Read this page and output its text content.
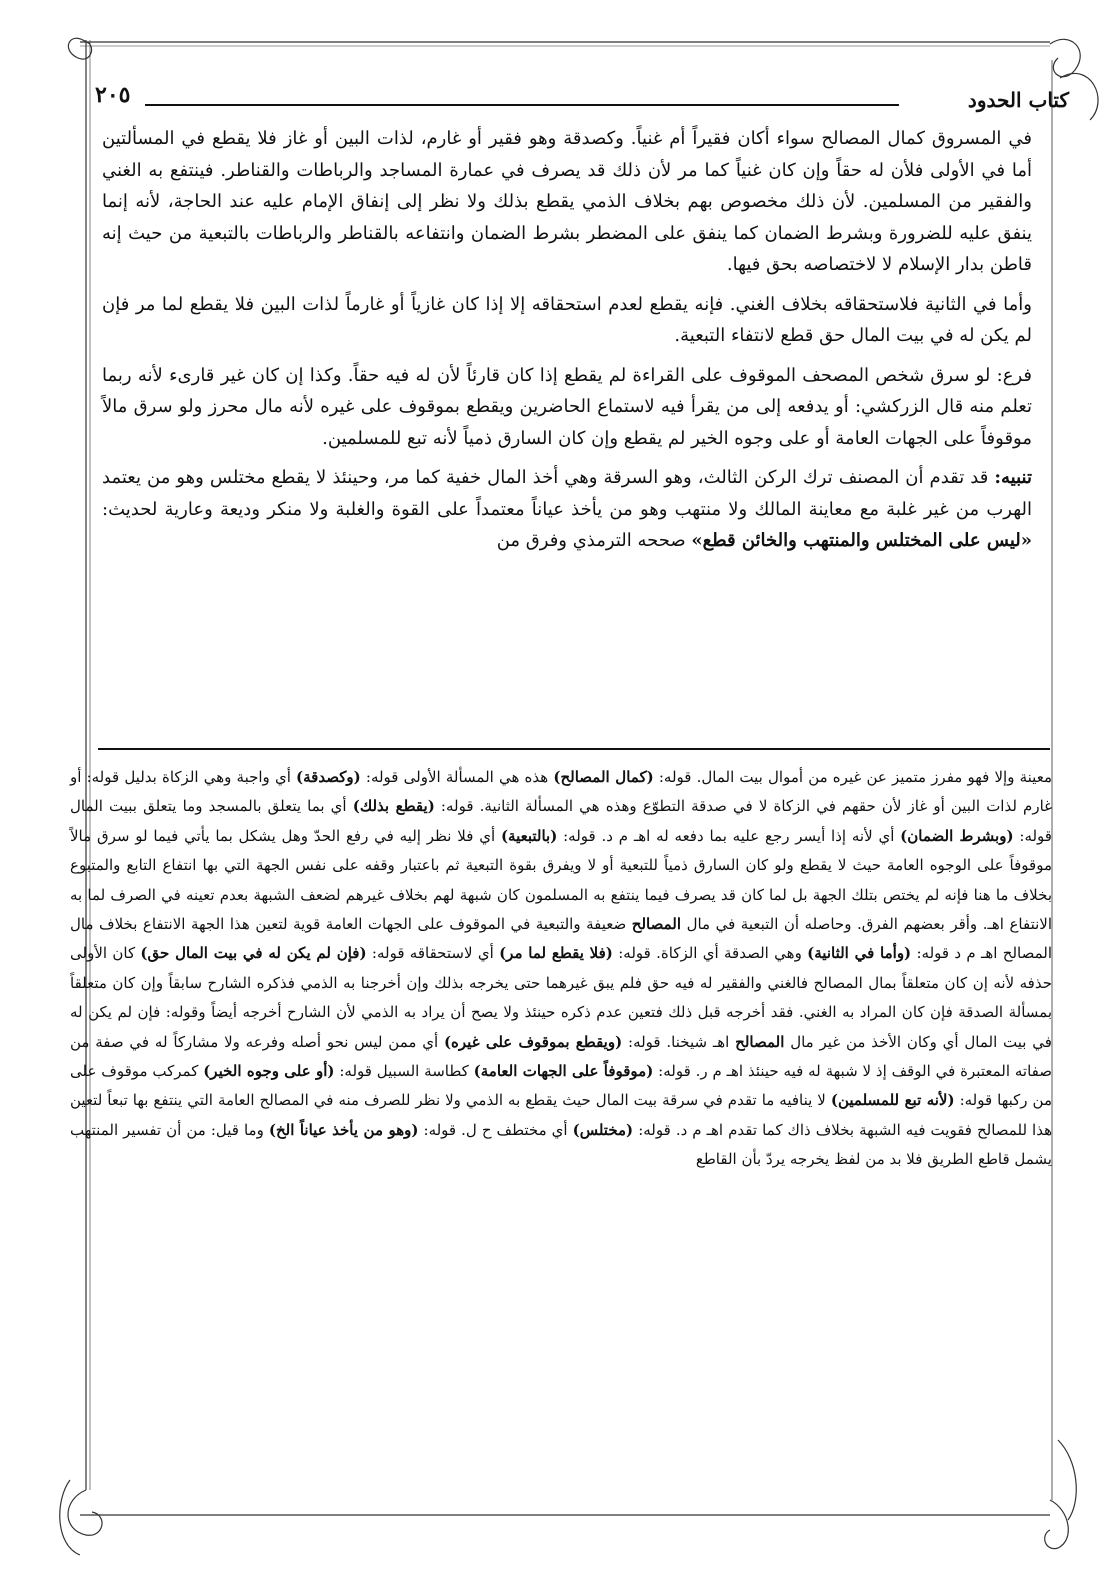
كتاب الحدود
٢٠٥

في المسروق كمال المصالح سواء أكان فقيراً أم غنياً. وكصدقة وهو فقير أو غارم، لذات البين أو غاز فلا يقطع في المسألتين أما في الأولى فلأن له حقاً وإن كان غنياً كما مر لأن ذلك قد يصرف في عمارة المساجد والرباطات والقناطر. فينتفع به الغني والفقير من المسلمين. لأن ذلك مخصوص بهم بخلاف الذمي يقطع بذلك ولا نظر إلى إنفاق الإمام عليه عند الحاجة، لأنه إنما ينفق عليه للضرورة وبشرط الضمان كما ينفق على المضطر بشرط الضمان وانتفاعه بالقناطر والرباطات بالتبعية من حيث إنه قاطن بدار الإسلام لا لاختصاصه بحق فيها.

وأما في الثانية فلاستحقاقه بخلاف الغني. فإنه يقطع لعدم استحقاقه إلا إذا كان غازياً أو غارماً لذات البين فلا يقطع لما مر فإن لم يكن له في بيت المال حق قطع لانتفاء التبعية.

فرع: لو سرق شخص المصحف الموقوف على القراءة لم يقطع إذا كان قارئاً لأن له فيه حقاً. وكذا إن كان غير قارىء لأنه ربما تعلم منه قال الزركشي: أو يدفعه إلى من يقرأ فيه لاستماع الحاضرين ويقطع بموقوف على غيره لأنه مال محرز ولو سرق مالاً موقوفاً على الجهات العامة أو على وجوه الخير لم يقطع وإن كان السارق ذمياً لأنه تبع للمسلمين.

تنبيه: قد تقدم أن المصنف ترك الركن الثالث، وهو السرقة وهي أخذ المال خفية كما مر، وحينئذ لا يقطع مختلس وهو من يعتمد الهرب من غير غلبة مع معاينة المالك ولا منتهب وهو من يأخذ عياناً معتمداً على القوة والغلبة ولا منكر وديعة وعارية لحديث: «ليس على المختلس والمنتهب والخائن قطع» صححه الترمذي وفرق من

معينة وإلا فهو مفرز متميز عن غيره من أموال بيت المال. قوله: (كمال المصالح) هذه هي المسألة الأولى قوله: (وكصدقة) أي واجبة وهي الزكاة بدليل قوله: أو غارم لذات البين أو غاز لأن حقهم في الزكاة لا في صدقة التطوّع وهذه هي المسألة الثانية. قوله: (يقطع بذلك) أي بما يتعلق بالمسجد وما يتعلق ببيت المال قوله: (وبشرط الضمان) أي لأنه إذا أيسر رجع عليه بما دفعه له اهـ م د. قوله: (بالتبعية) أي فلا نظر إليه في رفع الحدّ وهل يشكل بما يأتي فيما لو سرق مالاً موقوفاً على الوجوه العامة حيث لا يقطع ولو كان السارق ذمياً للتبعية أو لا ويفرق بقوة التبعية ثم باعتبار وقفه على نفس الجهة التي بها انتفاع التابع والمتبوع بخلاف ما هنا فإنه لم يختص بتلك الجهة بل لما كان قد يصرف فيما ينتفع به المسلمون كان شبهة لهم بخلاف غيرهم لضعف الشبهة بعدم تعينه في الصرف لما به الانتفاع اهـ. وأقر بعضهم الفرق. وحاصله أن التبعية في مال المصالح ضعيفة والتبعية في الموقوف على الجهات العامة قوية لتعين هذا الجهة الانتفاع بخلاف مال المصالح اهـ م د قوله: (وأما في الثانية) وهي الصدقة أي الزكاة. قوله: (فلا يقطع لما مر) أي لاستحقاقه قوله: (فإن لم يكن له في بيت المال حق) كان الأولى حذفه لأنه إن كان متعلقاً بمال المصالح فالغني والفقير له فيه حق فلم يبق غيرهما حتى يخرجه بذلك وإن أخرجنا به الذمي فذكره الشارح سابقاً وإن كان متعلقاً بمسألة الصدقة فإن كان المراد به الغني. فقد أخرجه قبل ذلك فتعين عدم ذكره حينئذ ولا يصح أن يراد به الذمي لأن الشارح أخرجه أيضاً وقوله: فإن لم يكن له في بيت المال أي وكان الأخذ من غير مال المصالح اهـ شيخنا. قوله: (ويقطع بموقوف على غيره) أي ممن ليس نحو أصله وفرعه ولا مشاركاً له في صفة من صفاته المعتبرة في الوقف إذ لا شبهة له فيه حينئذ اهـ م ر. قوله: (موقوفاً على الجهات العامة) كطاسة السبيل قوله: (أو على وجوه الخير) كمركب موقوف على من ركبها قوله: (لأنه تبع للمسلمين) لا ينافيه ما تقدم في سرقة بيت المال حيث يقطع به الذمي ولا نظر للصرف منه في المصالح العامة التي ينتفع بها تبعاً لتعين هذا للمصالح فقويت فيه الشبهة بخلاف ذاك كما تقدم اهـ م د. قوله: (مختلس) أي مختطف ح ل. قوله: (وهو من يأخذ عياناً الخ) وما قيل: من أن تفسير المنتهب يشمل قاطع الطريق فلا بد من لفظ يخرجه يردّ بأن القاطع
